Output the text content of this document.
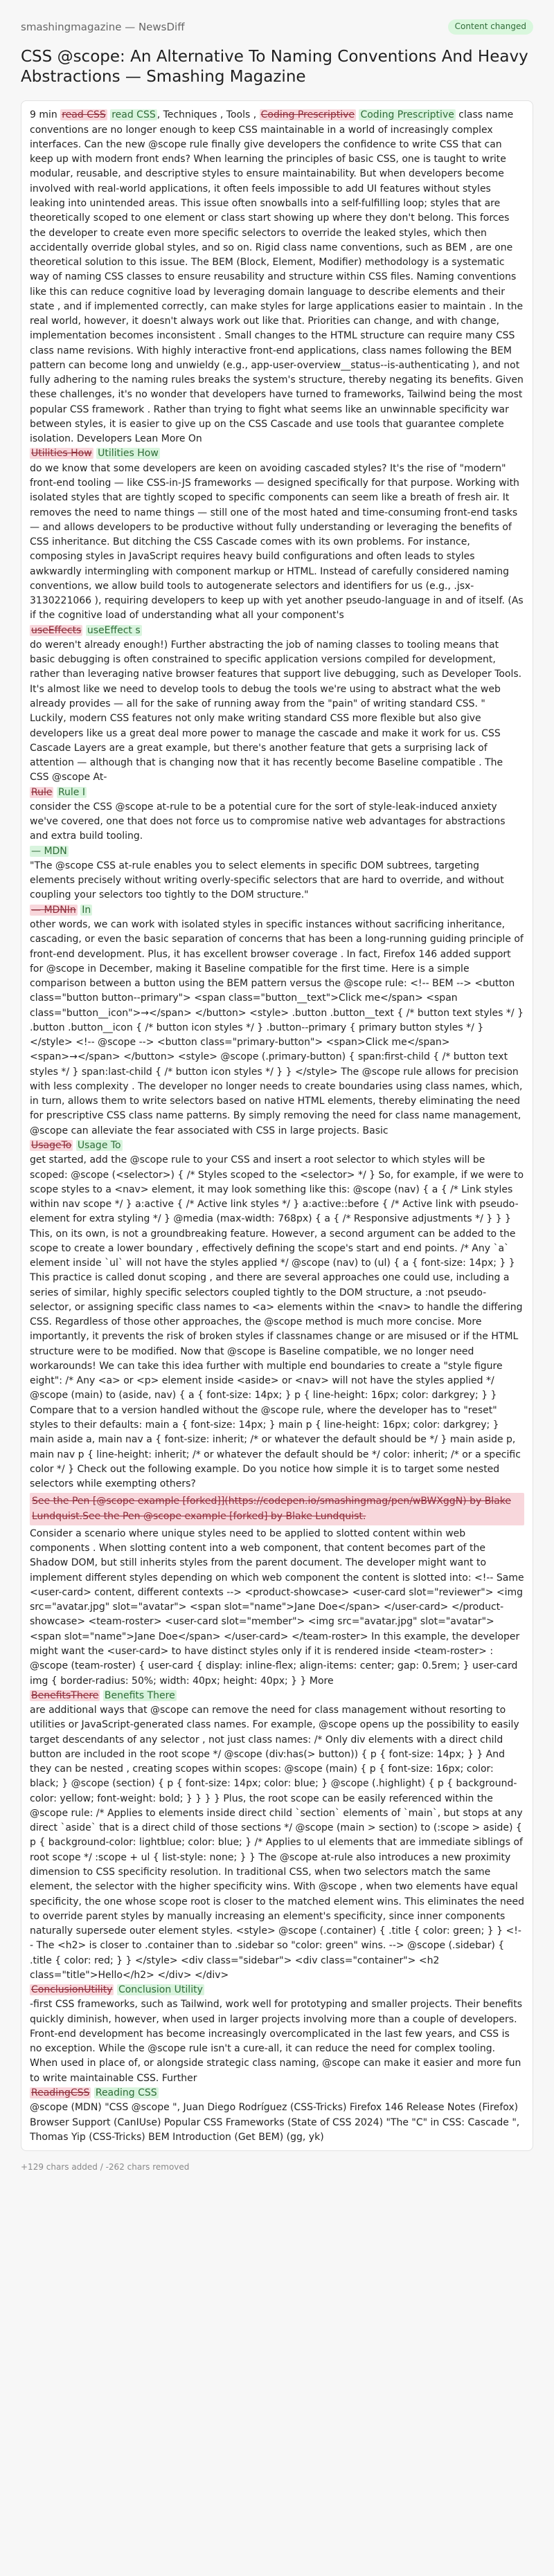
smashingmagazine — NewsDiff	Content changed
CSS @scope: An Alternative To Naming Conventions And Heavy Abstractions — Smashing Magazine

9 min read CSS read CSS , Techniques , Tools , Coding Prescriptive Coding Prescriptive class name conventions are no longer enough to keep CSS maintainable in a world of increasingly complex interfaces. Can the new @scope rule finally give developers the confidence to write CSS that can keep up with modern front ends? When learning the principles of basic CSS, one is taught to write modular, reusable, and descriptive styles to ensure maintainability. But when developers become involved with real-world applications, it often feels impossible to add UI features without styles leaking into unintended areas. This issue often snowballs into a self-fulfilling loop; styles that are theoretically scoped to one element or class start showing up where they don't belong. This forces the developer to create even more specific selectors to override the leaked styles, which then accidentally override global styles, and so on. Rigid class name conventions, such as BEM , are one theoretical solution to this issue. The BEM (Block, Element, Modifier) methodology is a systematic way of naming CSS classes to ensure reusability and structure within CSS files. Naming conventions like this can reduce cognitive load by leveraging domain language to describe elements and their state , and if implemented correctly, can make styles for large applications easier to maintain . In the real world, however, it doesn't always work out like that. Priorities can change, and with change, implementation becomes inconsistent . Small changes to the HTML structure can require many CSS class name revisions. With highly interactive front-end applications, class names following the BEM pattern can become long and unwieldy (e.g., app-user-overview__status--is-authenticating ), and not fully adhering to the naming rules breaks the system's structure, thereby negating its benefits. Given these challenges, it's no wonder that developers have turned to frameworks, Tailwind being the most popular CSS framework . Rather than trying to fight what seems like an unwinnable specificity war between styles, it is easier to give up on the CSS Cascade and use tools that guarantee complete isolation. Developers Lean More On

Utilities How Utilities How
do we know that some developers are keen on avoiding cascaded styles? It's the rise of "modern" front-end tooling — like CSS-in-JS frameworks — designed specifically for that purpose. Working with isolated styles that are tightly scoped to specific components can seem like a breath of fresh air. It removes the need to name things — still one of the most hated and time-consuming front-end tasks — and allows developers to be productive without fully understanding or leveraging the benefits of CSS inheritance. But ditching the CSS Cascade comes with its own problems. For instance, composing styles in JavaScript requires heavy build configurations and often leads to styles awkwardly intermingling with component markup or HTML. Instead of carefully considered naming conventions, we allow build tools to autogenerate selectors and identifiers for us (e.g., .jsx-3130221066 ), requiring developers to keep up with yet another pseudo-language in and of itself. (As if the cognitive load of understanding what all your component's

useEffects useEffect s
do weren't already enough!) Further abstracting the job of naming classes to tooling means that basic debugging is often constrained to specific application versions compiled for development, rather than leveraging native browser features that support live debugging, such as Developer Tools. It's almost like we need to develop tools to debug the tools we're using to abstract what the web already provides — all for the sake of running away from the "pain" of writing standard CSS. " Luckily, modern CSS features not only make writing standard CSS more flexible but also give developers like us a great deal more power to manage the cascade and make it work for us. CSS Cascade Layers are a great example, but there's another feature that gets a surprising lack of attention — although that is changing now that it has recently become Baseline compatible . The CSS @scope At-

Rule Rule I
consider the CSS @scope at-rule to be a potential cure for the sort of style-leak-induced anxiety we've covered, one that does not force us to compromise native web advantages for abstractions and extra build tooling.

— MDN
"The @scope CSS at-rule enables you to select elements in specific DOM subtrees, targeting elements precisely without writing overly-specific selectors that are hard to override, and without coupling your selectors too tightly to the DOM structure."

— MDNIn In
other words, we can work with isolated styles in specific instances without sacrificing inheritance, cascading, or even the basic separation of concerns that has been a long-running guiding principle of front-end development. Plus, it has excellent browser coverage . In fact, Firefox 146 added support for @scope in December, making it Baseline compatible for the first time. Here is a simple comparison between a button using the BEM pattern versus the @scope rule: <!-- BEM --> <button class="button button--primary"> <span class="button__text">Click me</span> <span class="button__icon">→</span> </button> <style> .button .button__text { /* button text styles */ } .button .button__icon { /* button icon styles */ } .button--primary { primary button styles */ } </style> <!-- @scope --> <button class="primary-button"> <span>Click me</span> <span>→</span> </button> <style> @scope (.primary-button) { span:first-child { /* button text styles */ } span:last-child { /* button icon styles */ } } </style> The @scope rule allows for precision with less complexity . The developer no longer needs to create boundaries using class names, which, in turn, allows them to write selectors based on native HTML elements, thereby eliminating the need for prescriptive CSS class name patterns. By simply removing the need for class name management, @scope can alleviate the fear associated with CSS in large projects. Basic

UsageTo Usage To
get started, add the @scope rule to your CSS and insert a root selector to which styles will be scoped: @scope (<selector>) { /* Styles scoped to the <selector> */ } So, for example, if we were to scope styles to a <nav> element, it may look something like this: @scope (nav) { a { /* Link styles within nav scope */ } a:active { /* Active link styles */ } a:active::before { /* Active link with pseudo-element for extra styling */ } @media (max-width: 768px) { a { /* Responsive adjustments */ } } } This, on its own, is not a groundbreaking feature. However, a second argument can be added to the scope to create a lower boundary , effectively defining the scope's start and end points. /* Any `a` element inside `ul` will not have the styles applied */ @scope (nav) to (ul) { a { font-size: 14px; } } This practice is called donut scoping , and there are several approaches one could use, including a series of similar, highly specific selectors coupled tightly to the DOM structure, a :not pseudo-selector, or assigning specific class names to <a> elements within the <nav> to handle the differing CSS. Regardless of those other approaches, the @scope method is much more concise. More importantly, it prevents the risk of broken styles if classnames change or are misused or if the HTML structure were to be modified. Now that @scope is Baseline compatible, we no longer need workarounds! We can take this idea further with multiple end boundaries to create a "style figure eight": /* Any <a> or <p> element inside <aside> or <nav> will not have the styles applied */ @scope (main) to (aside, nav) { a { font-size: 14px; } p { line-height: 16px; color: darkgrey; } } Compare that to a version handled without the @scope rule, where the developer has to "reset" styles to their defaults: main a { font-size: 14px; } main p { line-height: 16px; color: darkgrey; } main aside a, main nav a { font-size: inherit; /* or whatever the default should be */ } main aside p, main nav p { line-height: inherit; /* or whatever the default should be */ color: inherit; /* or a specific color */ } Check out the following example. Do you notice how simple it is to target some nested selectors while exempting others?

See the Pen [@scope example [forked]](https://codepen.io/smashingmag/pen/wBWXggN) by Blake Lundquist.See the Pen @scope example [forked] by Blake Lundquist.

Consider a scenario where unique styles need to be applied to slotted content within web components . When slotting content into a web component, that content becomes part of the Shadow DOM, but still inherits styles from the parent document. The developer might want to implement different styles depending on which web component the content is slotted into: <!-- Same <user-card> content, different contexts --> <product-showcase> <user-card slot="reviewer"> <img src="avatar.jpg" slot="avatar"> <span slot="name">Jane Doe</span> </user-card> </product-showcase> <team-roster> <user-card slot="member"> <img src="avatar.jpg" slot="avatar"> <span slot="name">Jane Doe</span> </user-card> </team-roster> In this example, the developer might want the <user-card> to have distinct styles only if it is rendered inside <team-roster> : @scope (team-roster) { user-card { display: inline-flex; align-items: center; gap: 0.5rem; } user-card img { border-radius: 50%; width: 40px; height: 40px; } } More

BenefitsThere Benefits There
are additional ways that @scope can remove the need for class management without resorting to utilities or JavaScript-generated class names. For example, @scope opens up the possibility to easily target descendants of any selector , not just class names: /* Only div elements with a direct child button are included in the root scope */ @scope (div:has(> button)) { p { font-size: 14px; } } And they can be nested , creating scopes within scopes: @scope (main) { p { font-size: 16px; color: black; } @scope (section) { p { font-size: 14px; color: blue; } @scope (.highlight) { p { background-color: yellow; font-weight: bold; } } } } Plus, the root scope can be easily referenced within the @scope rule: /* Applies to elements inside direct child `section` elements of `main`, but stops at any direct `aside` that is a direct child of those sections */ @scope (main > section) to (:scope > aside) { p { background-color: lightblue; color: blue; } /* Applies to ul elements that are immediate siblings of root scope */ :scope + ul { list-style: none; } } The @scope at-rule also introduces a new proximity dimension to CSS specificity resolution. In traditional CSS, when two selectors match the same element, the selector with the higher specificity wins. With @scope , when two elements have equal specificity, the one whose scope root is closer to the matched element wins. This eliminates the need to override parent styles by manually increasing an element's specificity, since inner components naturally supersede outer element styles. <style> @scope (.container) { .title { color: green; } } <!-- The <h2> is closer to .container than to .sidebar so "color: green" wins. --> @scope (.sidebar) { .title { color: red; } } </style> <div class="sidebar"> <div class="container"> <h2 class="title">Hello</h2> </div> </div>

ConclusionUtility Conclusion Utility
-first CSS frameworks, such as Tailwind, work well for prototyping and smaller projects. Their benefits quickly diminish, however, when used in larger projects involving more than a couple of developers. Front-end development has become increasingly overcomplicated in the last few years, and CSS is no exception. While the @scope rule isn't a cure-all, it can reduce the need for complex tooling. When used in place of, or alongside strategic class naming, @scope can make it easier and more fun to write maintainable CSS. Further

ReadingCSS Reading CSS
@scope (MDN) "CSS @scope ", Juan Diego Rodríguez (CSS-Tricks) Firefox 146 Release Notes (Firefox) Browser Support (CanIUse) Popular CSS Frameworks (State of CSS 2024) "The "C" in CSS: Cascade ", Thomas Yip (CSS-Tricks) BEM Introduction (Get BEM) (gg, yk)

+129 chars added / -262 chars removed
